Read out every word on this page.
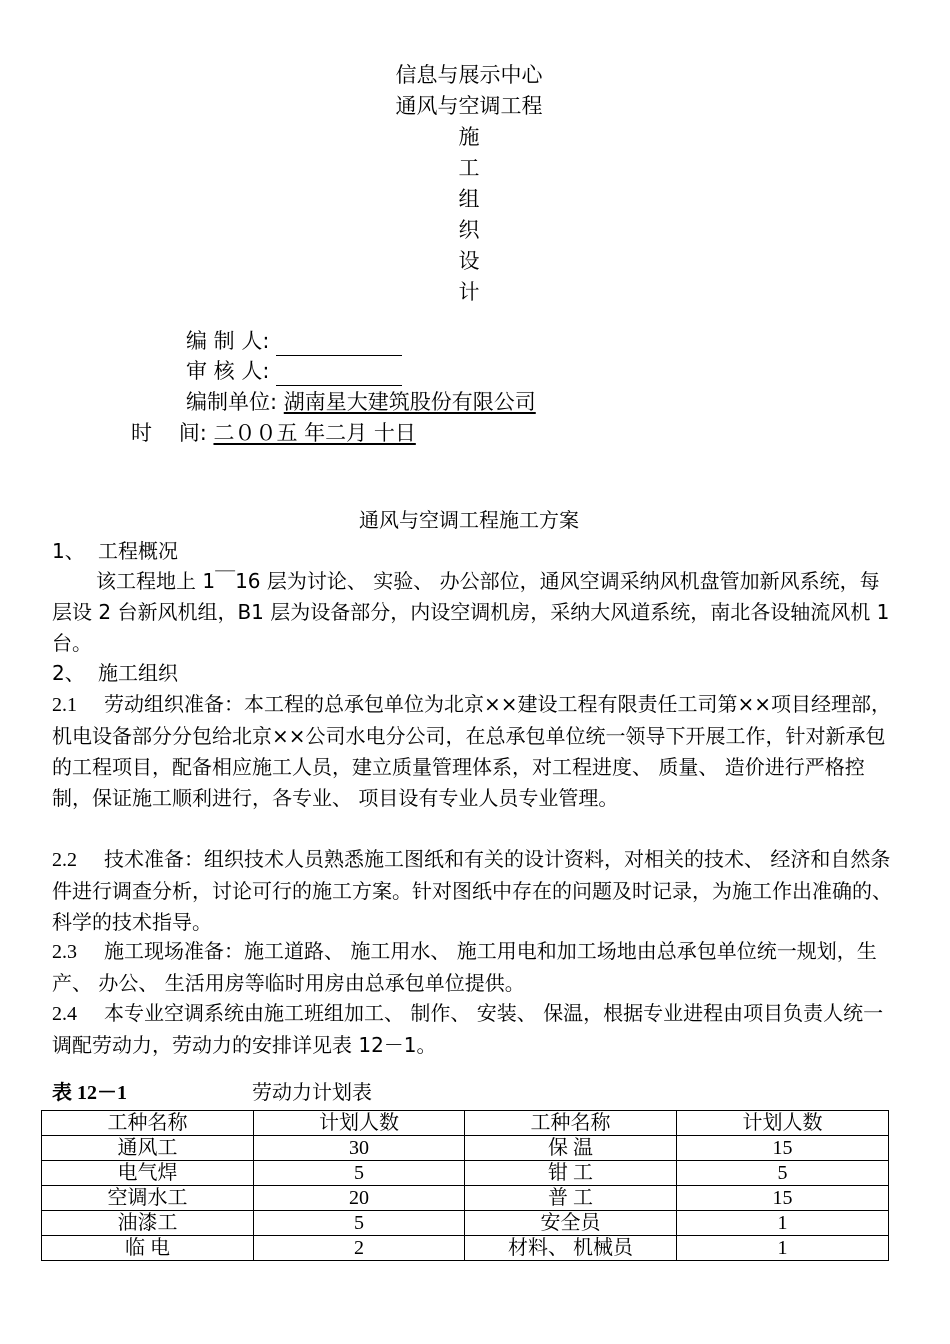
信息与展示中心
通风与空调工程
施
工
组
织
设
计
编 制 人:
审 核 人:
编制单位: 湖南星大建筑股份有限公司
时    间: 二００五 年二月 十日
通风与空调工程施工方案
1、 工程概况
该工程地上 1￣16 层为讨论、 实验、 办公部位，通风空调采纳风机盘管加新风系统，每层设 2 台新风机组，B1 层为设备部分，内设空调机房，采纳大风道系统，南北各设轴流风机 1 台。
2、 施工组织
2.1 劳动组织准备：本工程的总承包单位为北京××建设工程有限责任工司第××项目经理部，机电设备部分分包给北京××公司水电分公司，在总承包单位统一领导下开展工作，针对新承包的工程项目，配备相应施工人员，建立质量管理体系，对工程进度、 质量、 造价进行严格控制，保证施工顺利进行，各专业、 项目设有专业人员专业管理。
2.2 技术准备：组织技术人员熟悉施工图纸和有关的设计资料，对相关的技术、 经济和自然条件进行调查分析，讨论可行的施工方案。针对图纸中存在的问题及时记录，为施工作出准确的、 科学的技术指导。
2.3 施工现场准备：施工道路、 施工用水、 施工用电和加工场地由总承包单位统一规划，生产、 办公、 生活用房等临时用房由总承包单位提供。
2.4 本专业空调系统由施工班组加工、 制作、 安装、 保温，根据专业进程由项目负责人统一调配劳动力，劳动力的安排详见表 12－1。
表 12－1	劳动力计划表
工种名称	计划人数	工种名称	计划人数
通风工	30	保 温	15
电气焊	5	钳 工	5
空调水工	20	普 工	15
油漆工	5	安全员	1
临 电	2	材料、 机械员	1
